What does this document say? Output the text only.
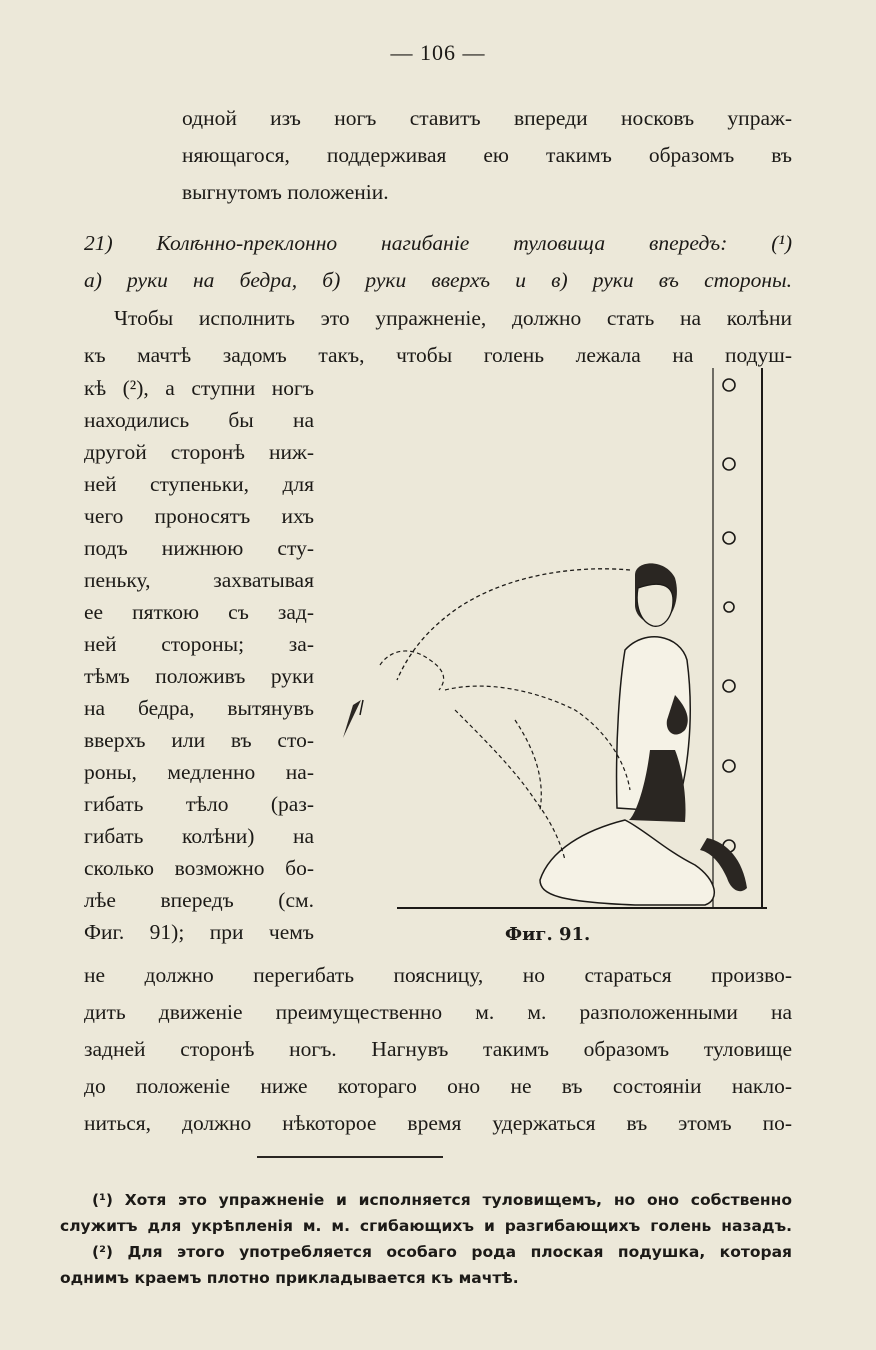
— 106 —
одной изъ ногъ ставитъ впереди носковъ упраж-
няющагося, поддерживая ею такимъ образомъ въ
выгнутомъ положеніи.
21) Колѣнно-преклонно нагибаніе туловища впередъ: (¹)
а) руки на бедра, б) руки вверхъ и в) руки въ стороны.
Чтобы исполнить это упражненіе, должно стать на колѣни
къ мачтѣ задомъ такъ, чтобы голень лежала на подуш-
кѣ (²), а ступни ногъ
находились бы на
другой сторонѣ ниж-
ней ступеньки, для
чего проносятъ ихъ
подъ нижнюю сту-
пеньку, захватывая
ее пяткою съ зад-
ней стороны; за-
тѣмъ положивъ руки
на бедра, вытянувъ
вверхъ или въ сто-
роны, медленно на-
гибать тѣло (раз-
гибать колѣни) на
сколько возможно бо-
лѣе впередъ (см.
Фиг. 91); при чемъ	Фиг. 91.
не должно перегибать поясницу, но стараться произво-
дить движеніе преимущественно м. м. разположенными на
задней сторонѣ ногъ. Нагнувъ такимъ образомъ туловище
до положеніе ниже котораго оно не въ состояніи накло-
ниться, должно нѣкоторое время удержаться въ этомъ по-
(¹) Хотя это упражненіе и исполняется туловищемъ, но оно собственно
служитъ для укрѣпленія м. м. сгибающихъ и разгибающихъ голень назадъ.
(²) Для этого употребляется особаго рода плоская подушка, которая
однимъ краемъ плотно прикладывается къ мачтѣ.
